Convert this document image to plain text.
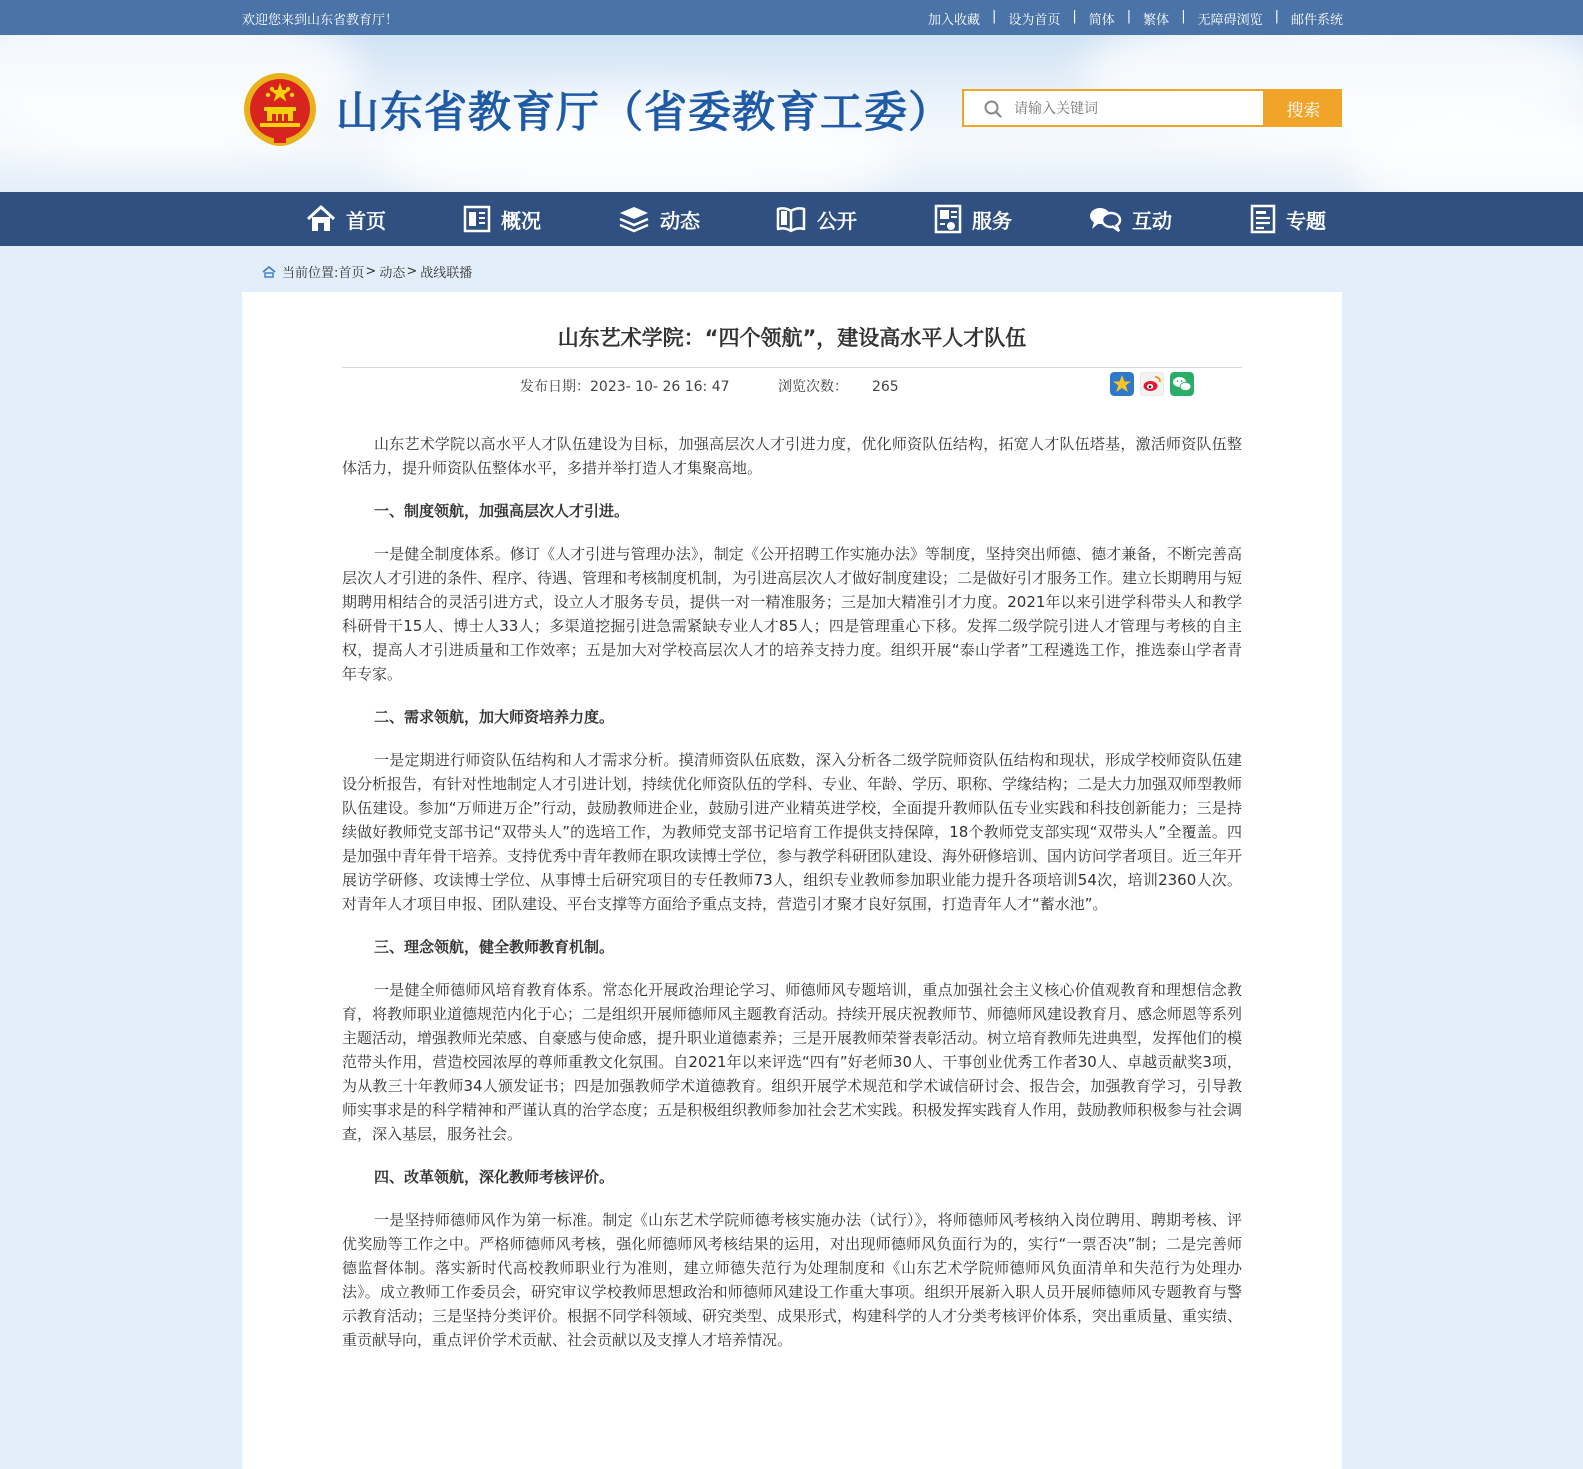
欢迎您来到山东省教育厅！	加入收藏 | 设为首页 | 简体 | 繁体 | 无障碍浏览 | 邮件系统
山东省教育厅（省委教育工委）
请输入关键词	搜索
首页	概况	动态	公开	服务	互动	专题
当前位置: 首页 > 动态 > 战线联播
山东艺术学院：“四个领航”，建设高水平人才队伍
发布日期：2023- 10- 26 16: 47	浏览次数： 265

山东艺术学院以高水平人才队伍建设为目标，加强高层次人才引进力度，优化师资队伍结构，拓宽人才队伍塔基，激活师资队伍整体活力，提升师资队伍整体水平，多措并举打造人才集聚高地。

一、制度领航，加强高层次人才引进。

一是健全制度体系。修订《人才引进与管理办法》，制定《公开招聘工作实施办法》等制度，坚持突出师德、德才兼备，不断完善高层次人才引进的条件、程序、待遇、管理和考核制度机制，为引进高层次人才做好制度建设；二是做好引才服务工作。建立长期聘用与短期聘用相结合的灵活引进方式，设立人才服务专员，提供一对一精准服务；三是加大精准引才力度。2021年以来引进学科带头人和教学科研骨干15人、博士人33人；多渠道挖掘引进急需紧缺专业人才85人；四是管理重心下移。发挥二级学院引进人才管理与考核的自主权，提高人才引进质量和工作效率；五是加大对学校高层次人才的培养支持力度。组织开展“泰山学者”工程遴选工作，推选泰山学者青年专家。

二、需求领航，加大师资培养力度。

一是定期进行师资队伍结构和人才需求分析。摸清师资队伍底数，深入分析各二级学院师资队伍结构和现状，形成学校师资队伍建设分析报告，有针对性地制定人才引进计划，持续优化师资队伍的学科、专业、年龄、学历、职称、学缘结构；二是大力加强双师型教师队伍建设。参加“万师进万企”行动，鼓励教师进企业，鼓励引进产业精英进学校，全面提升教师队伍专业实践和科技创新能力；三是持续做好教师党支部书记“双带头人”的选培工作，为教师党支部书记培育工作提供支持保障，18个教师党支部实现“双带头人”全覆盖。四是加强中青年骨干培养。支持优秀中青年教师在职攻读博士学位，参与教学科研团队建设、海外研修培训、国内访问学者项目。近三年开展访学研修、攻读博士学位、从事博士后研究项目的专任教师73人，组织专业教师参加职业能力提升各项培训54次，培训2360人次。对青年人才项目申报、团队建设、平台支撑等方面给予重点支持，营造引才聚才良好氛围，打造青年人才“蓄水池”。

三、理念领航，健全教师教育机制。

一是健全师德师风培育教育体系。常态化开展政治理论学习、师德师风专题培训，重点加强社会主义核心价值观教育和理想信念教育，将教师职业道德规范内化于心；二是组织开展师德师风主题教育活动。持续开展庆祝教师节、师德师风建设教育月、感念师恩等系列主题活动，增强教师光荣感、自豪感与使命感，提升职业道德素养；三是开展教师荣誉表彰活动。树立培育教师先进典型，发挥他们的模范带头作用，营造校园浓厚的尊师重教文化氛围。自2021年以来评选“四有”好老师30人、干事创业优秀工作者30人、卓越贡献奖3项，为从教三十年教师34人颁发证书；四是加强教师学术道德教育。组织开展学术规范和学术诚信研讨会、报告会，加强教育学习，引导教师实事求是的科学精神和严谨认真的治学态度；五是积极组织教师参加社会艺术实践。积极发挥实践育人作用，鼓励教师积极参与社会调查，深入基层，服务社会。

四、改革领航，深化教师考核评价。

一是坚持师德师风作为第一标准。制定《山东艺术学院师德考核实施办法（试行）》，将师德师风考核纳入岗位聘用、聘期考核、评优奖励等工作之中。严格师德师风考核，强化师德师风考核结果的运用，对出现师德师风负面行为的，实行“一票否决”制；二是完善师德监督体制。落实新时代高校教师职业行为准则，建立师德失范行为处理制度和《山东艺术学院师德师风负面清单和失范行为处理办法》。成立教师工作委员会，研究审议学校教师思想政治和师德师风建设工作重大事项。组织开展新入职人员开展师德师风专题教育与警示教育活动；三是坚持分类评价。根据不同学科领域、研究类型、成果形式，构建科学的人才分类考核评价体系，突出重质量、重实绩、重贡献导向，重点评价学术贡献、社会贡献以及支撑人才培养情况。
